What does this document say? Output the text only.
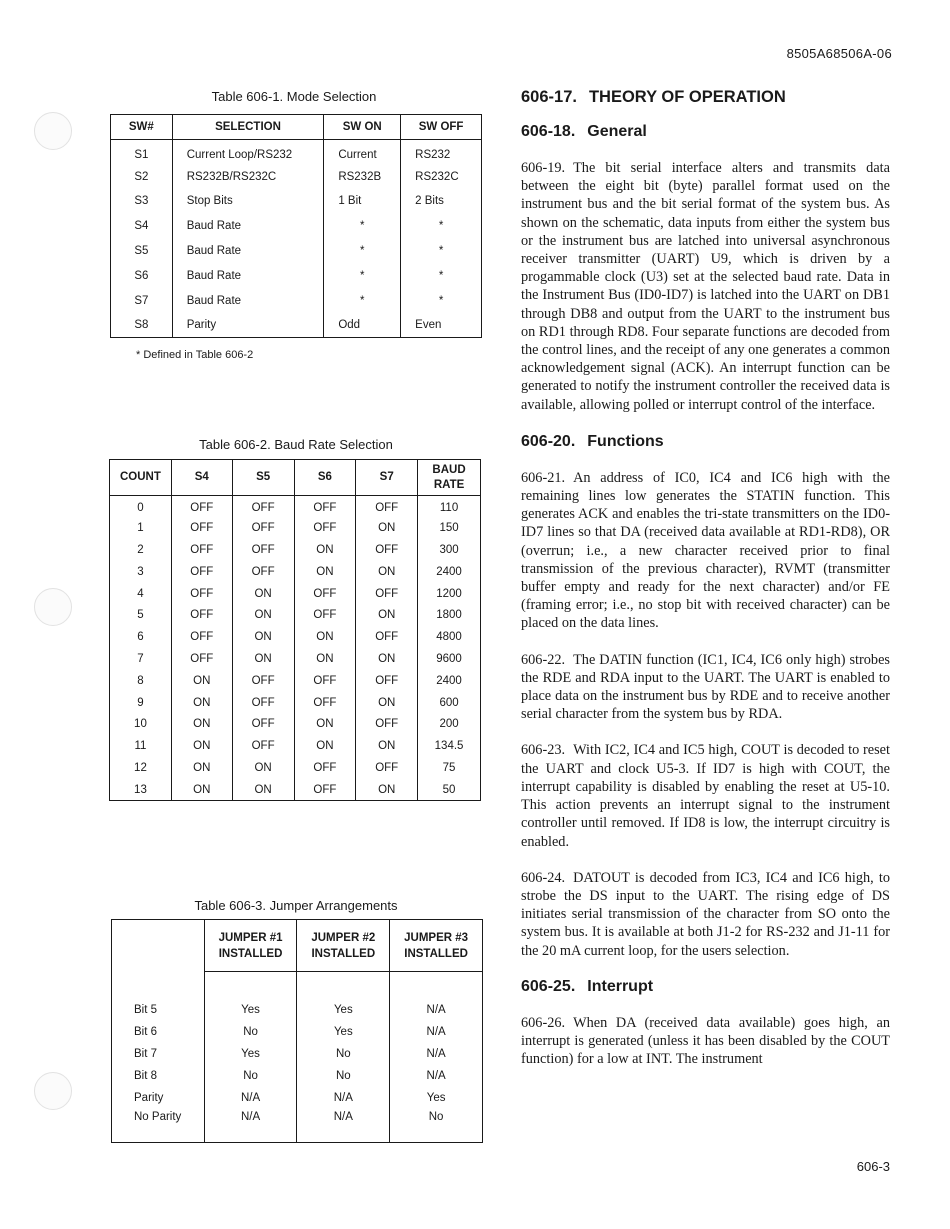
8505A68506A-06
Table 606-1. Mode Selection
SW#	SELECTION	SW ON	SW OFF
S1	Current Loop/RS232	Current	RS232
S2	RS232B/RS232C	RS232B	RS232C
S3	Stop Bits	1 Bit	2 Bits
S4	Baud Rate	*	*
S5	Baud Rate	*	*
S6	Baud Rate	*	*
S7	Baud Rate	*	*
S8	Parity	Odd	Even
* Defined in Table 606-2
Table 606-2. Baud Rate Selection
COUNT	S4	S5	S6	S7	BAUD
RATE
0	OFF	OFF	OFF	OFF	110
1	OFF	OFF	OFF	ON	150
2	OFF	OFF	ON	OFF	300
3	OFF	OFF	ON	ON	2400
4	OFF	ON	OFF	OFF	1200
5	OFF	ON	OFF	ON	1800
6	OFF	ON	ON	OFF	4800
7	OFF	ON	ON	ON	9600
8	ON	OFF	OFF	OFF	2400
9	ON	OFF	OFF	ON	600
10	ON	OFF	ON	OFF	200
11	ON	OFF	ON	ON	134.5
12	ON	ON	OFF	OFF	75
13	ON	ON	OFF	ON	50
Table 606-3. Jumper Arrangements
	JUMPER #1
INSTALLED	JUMPER #2
INSTALLED	JUMPER #3
INSTALLED

Bit 5	Yes	Yes	N/A
Bit 6	No	Yes	N/A
Bit 7	Yes	No	N/A
Bit 8	No	No	N/A
Parity	N/A	N/A	Yes
No Parity	N/A	N/A	No
606-17. THEORY OF OPERATION
606-18. General

606-19. The bit serial interface alters and transmits data between the eight bit (byte) parallel format used on the instrument bus and the bit serial format of the system bus. As shown on the schematic, data inputs from either the system bus or the instrument bus are latched into universal asynchronous receiver transmitter (UART) U9, which is driven by a progammable clock (U3) set at the selected baud rate. Data in the Instrument Bus (ID0-ID7) is latched into the UART on DB1 through DB8 and output from the UART to the instrument bus on RD1 through RD8. Four separate functions are decoded from the control lines, and the receipt of any one generates a common acknowledgement signal (ACK). An interrupt function can be generated to notify the instrument controller the received data is available, allowing polled or interrupt control of the interface.

606-20. Functions

606-21. An address of IC0, IC4 and IC6 high with the remaining lines low generates the STATIN function. This generates ACK and enables the tri-state transmitters on the ID0-ID7 lines so that DA (received data available at RD1-RD8), OR (overrun; i.e., a new character received prior to final transmission of the previous character), RVMT (transmitter buffer empty and ready for the next character) and/or FE (framing error; i.e., no stop bit with received character) can be placed on the data lines.

606-22. The DATIN function (IC1, IC4, IC6 only high) strobes the RDE and RDA input to the UART. The UART is enabled to place data on the instrument bus by RDE and to receive another serial character from the system bus by RDA.

606-23. With IC2, IC4 and IC5 high, COUT is decoded to reset the UART and clock U5-3. If ID7 is high with COUT, the interrupt capability is disabled by enabling the reset at U5-10. This action prevents an interrupt signal to the instrument controller until removed. If ID8 is low, the interrupt circuitry is enabled.

606-24. DATOUT is decoded from IC3, IC4 and IC6 high, to strobe the DS input to the UART. The rising edge of DS initiates serial transmission of the character from SO onto the system bus. It is available at both J1-2 for RS-232 and J1-11 for the 20 mA current loop, for the users selection.

606-25. Interrupt

606-26. When DA (received data available) goes high, an interrupt is generated (unless it has been disabled by the COUT function) for a low at INT. The instrument

606-3
